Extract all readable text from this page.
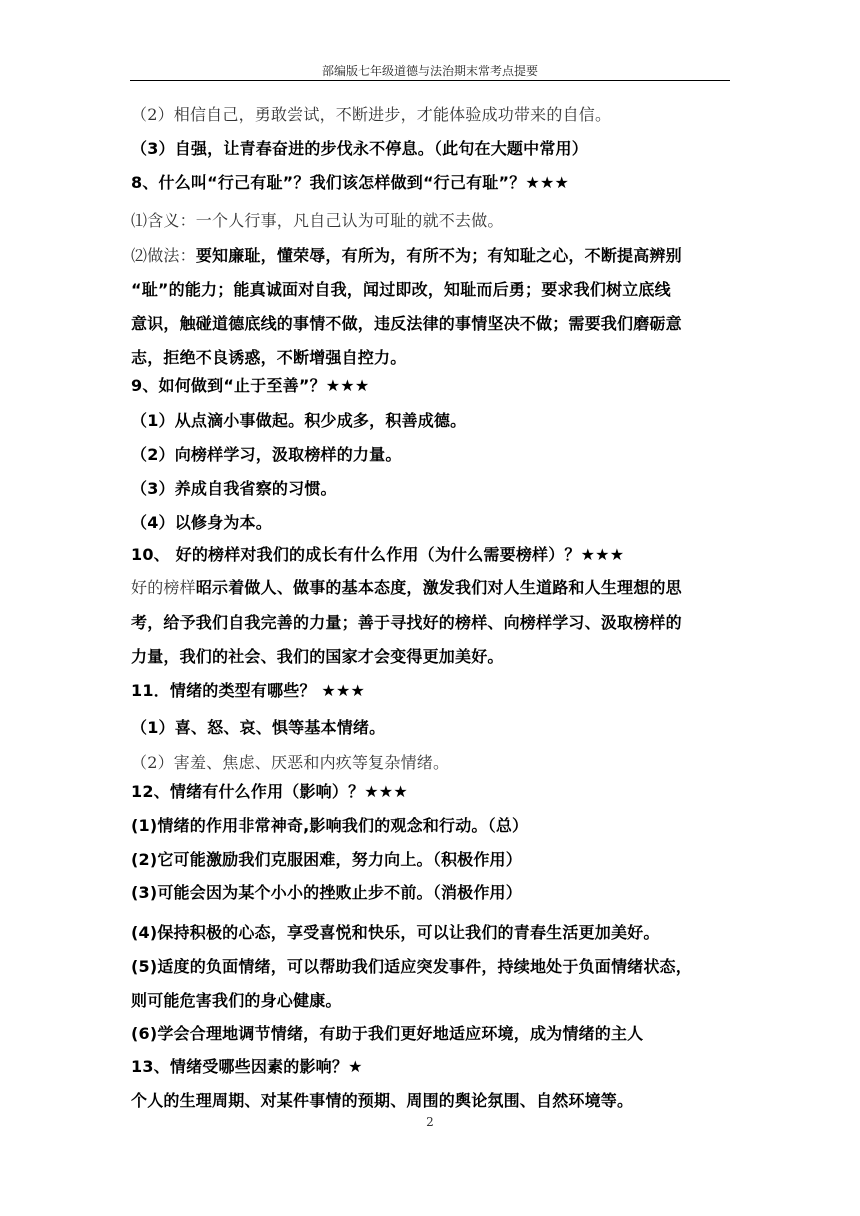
部编版七年级道德与法治期末常考点提要
（2）相信自己，勇敢尝试，不断进步，才能体验成功带来的自信。
（3）自强，让青春奋进的步伐永不停息。（此句在大题中常用）
8、什么叫“行己有耻”？我们该怎样做到“行己有耻”？★★★
⑴含义：一个人行事，凡自己认为可耻的就不去做。
⑵做法：要知廉耻，懂荣辱，有所为，有所不为；有知耻之心，不断提高辨别
“耻”的能力；能真诚面对自我，闻过即改，知耻而后勇；要求我们树立底线
意识，触碰道德底线的事情不做，违反法律的事情坚决不做；需要我们磨砺意
志，拒绝不良诱惑，不断增强自控力。
9、如何做到“止于至善”？★★★
（1）从点滴小事做起。积少成多，积善成德。
（2）向榜样学习，汲取榜样的力量。
（3）养成自我省察的习惯。
（4）以修身为本。
10、 好的榜样对我们的成长有什么作用（为什么需要榜样）？★★★
好的榜样昭示着做人、做事的基本态度，激发我们对人生道路和人生理想的思
考，给予我们自我完善的力量；善于寻找好的榜样、向榜样学习、汲取榜样的
力量，我们的社会、我们的国家才会变得更加美好。
11．情绪的类型有哪些？ ★★★
（1）喜、怒、哀、惧等基本情绪。
（2）害羞、焦虑、厌恶和内疚等复杂情绪。
12、情绪有什么作用（影响）？★★★
(1)情绪的作用非常神奇,影响我们的观念和行动。（总）
(2)它可能激励我们克服困难，努力向上。（积极作用）
(3)可能会因为某个小小的挫败止步不前。（消极作用）
(4)保持积极的心态，享受喜悦和快乐，可以让我们的青春生活更加美好。
(5)适度的负面情绪，可以帮助我们适应突发事件，持续地处于负面情绪状态，
则可能危害我们的身心健康。
(6)学会合理地调节情绪，有助于我们更好地适应环境，成为情绪的主人
13、情绪受哪些因素的影响？★
个人的生理周期、对某件事情的预期、周围的舆论氛围、自然环境等。
2
